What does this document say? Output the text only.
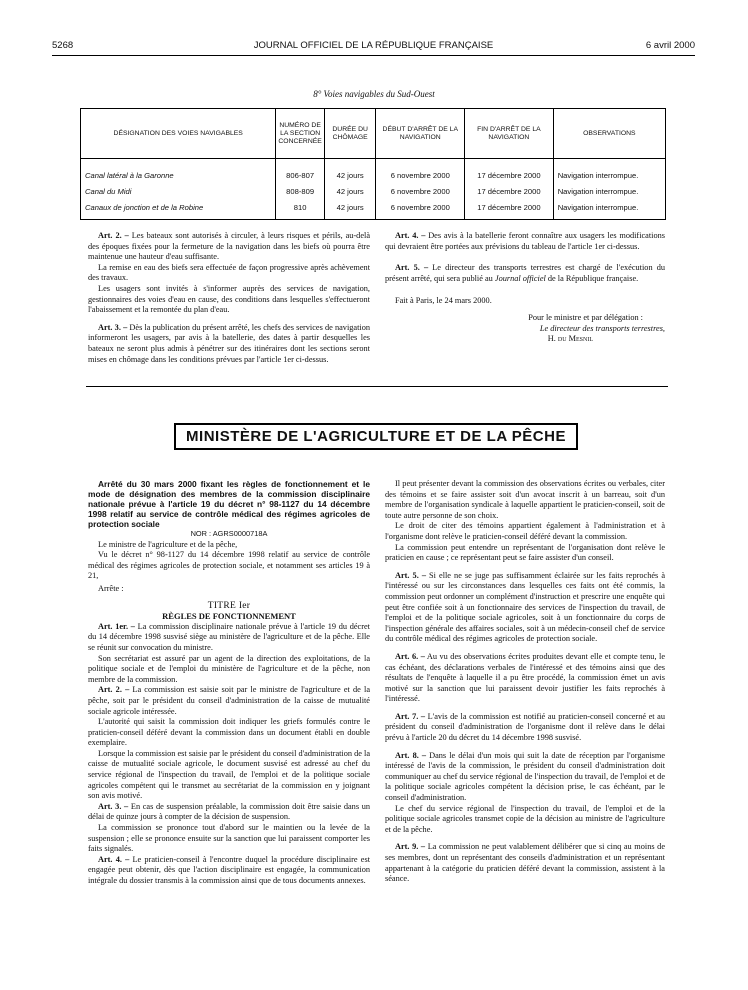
5268	JOURNAL OFFICIEL DE LA RÉPUBLIQUE FRANÇAISE	6 avril 2000
8° Voies navigables du Sud-Ouest
DÉSIGNATION DES VOIES NAVIGABLES	NUMÉRO DE LA SECTION CONCERNÉE	DURÉE DU CHÔMAGE	DÉBUT D'ARRÊT DE LA NAVIGATION	FIN D'ARRÊT DE LA NAVIGATION	OBSERVATIONS
Canal latéral à la Garonne	806-807	42 jours	6 novembre 2000	17 décembre 2000	Navigation interrompue.
Canal du Midi	808-809	42 jours	6 novembre 2000	17 décembre 2000	Navigation interrompue.
Canaux de jonction et de la Robine	810	42 jours	6 novembre 2000	17 décembre 2000	Navigation interrompue.

Art. 2. – Les bateaux sont autorisés à circuler, à leurs risques et périls, au-delà des époques fixées pour la fermeture de la navigation dans les biefs où pourra être maintenue une hauteur d'eau suffisante.

La remise en eau des biefs sera effectuée de façon progressive après achèvement des travaux.

Les usagers sont invités à s'informer auprès des services de navigation, gestionnaires des voies d'eau en cause, des conditions dans lesquelles s'effectueront l'abaissement et la remontée du plan d'eau.

Art. 3. – Dès la publication du présent arrêté, les chefs des services de navigation informeront les usagers, par avis à la batellerie, des dates à partir desquelles les bateaux ne seront plus admis à pénétrer sur des itinéraires dont les sections seront mises en chômage dans les conditions prévues par l'article 1er ci-dessus.

Art. 4. – Des avis à la batellerie feront connaître aux usagers les modifications qui devraient être portées aux prévisions du tableau de l'article 1er ci-dessus.

Art. 5. – Le directeur des transports terrestres est chargé de l'exécution du présent arrêté, qui sera publié au Journal officiel de la République française.

Fait à Paris, le 24 mars 2000.

Pour le ministre et par délégation :

Le directeur des transports terrestres,

H. du Mesnil

MINISTÈRE DE L'AGRICULTURE ET DE LA PÊCHE

Arrêté du 30 mars 2000 fixant les règles de fonctionnement et le mode de désignation des membres de la commission disciplinaire nationale prévue à l'article 19 du décret n° 98-1127 du 14 décembre 1998 relatif au service de contrôle médical des régimes agricoles de protection sociale

NOR : AGRS0000718A

Le ministre de l'agriculture et de la pêche,

Vu le décret n° 98-1127 du 14 décembre 1998 relatif au service de contrôle médical des régimes agricoles de protection sociale, et notamment ses articles 19 à 21,

Arrête :

TITRE Ier

RÈGLES DE FONCTIONNEMENT

Art. 1er. – La commission disciplinaire nationale prévue à l'article 19 du décret du 14 décembre 1998 susvisé siège au ministère de l'agriculture et de la pêche. Elle se réunit sur convocation du ministre.

Son secrétariat est assuré par un agent de la direction des exploitations, de la politique sociale et de l'emploi du ministère de l'agriculture et de la pêche, non membre de la commission.

Art. 2. – La commission est saisie soit par le ministre de l'agriculture et de la pêche, soit par le président du conseil d'administration de la caisse de mutualité sociale agricole intéressée.

L'autorité qui saisit la commission doit indiquer les griefs formulés contre le praticien-conseil déféré devant la commission dans un document établi en double exemplaire.

Lorsque la commission est saisie par le président du conseil d'administration de la caisse de mutualité sociale agricole, le document susvisé est adressé au chef du service régional de l'inspection du travail, de l'emploi et de la politique sociale agricoles compétent qui le transmet au secrétariat de la commission en y joignant son avis motivé.

Art. 3. – En cas de suspension préalable, la commission doit être saisie dans un délai de quinze jours à compter de la décision de suspension.

La commission se prononce tout d'abord sur le maintien ou la levée de la suspension ; elle se prononce ensuite sur la sanction que lui paraissent comporter les faits signalés.

Art. 4. – Le praticien-conseil à l'encontre duquel la procédure disciplinaire est engagée peut obtenir, dès que l'action disciplinaire est engagée, la communication intégrale du dossier transmis à la commission ainsi que de tous documents annexes.

Il peut présenter devant la commission des observations écrites ou verbales, citer des témoins et se faire assister soit d'un avocat inscrit à un barreau, soit d'un membre de l'organisation syndicale à laquelle appartient le praticien-conseil, soit de toute autre personne de son choix.

Le droit de citer des témoins appartient également à l'administration et à l'organisme dont relève le praticien-conseil déféré devant la commission.

La commission peut entendre un représentant de l'organisation dont relève le praticien en cause ; ce représentant peut se faire assister d'un conseil.

Art. 5. – Si elle ne se juge pas suffisamment éclairée sur les faits reprochés à l'intéressé ou sur les circonstances dans lesquelles ces faits ont été commis, la commission peut ordonner un complément d'instruction et prescrire une enquête qui peut être confiée soit à un fonctionnaire des services de l'inspection du travail, de l'emploi et de la politique sociale agricoles, soit à un fonctionnaire du corps de l'inspection générale des affaires sociales, soit à un médecin-conseil chef de service du contrôle médical des régimes agricoles de protection sociale.

Art. 6. – Au vu des observations écrites produites devant elle et compte tenu, le cas échéant, des déclarations verbales de l'intéressé et des témoins ainsi que des résultats de l'enquête à laquelle il a pu être procédé, la commission émet un avis motivé sur la sanction que lui paraissent devoir justifier les faits reprochés à l'intéressé.

Art. 7. – L'avis de la commission est notifié au praticien-conseil concerné et au président du conseil d'administration de l'organisme dont il relève dans le délai prévu à l'article 20 du décret du 14 décembre 1998 susvisé.

Art. 8. – Dans le délai d'un mois qui suit la date de réception par l'organisme intéressé de l'avis de la commission, le président du conseil d'administration doit communiquer au chef du service régional de l'inspection du travail, de l'emploi et de la politique sociale agricoles compétent la décision prise, le cas échéant, par le conseil d'administration.

Le chef du service régional de l'inspection du travail, de l'emploi et de la politique sociale agricoles transmet copie de la décision au ministre de l'agriculture et de la pêche.

Art. 9. – La commission ne peut valablement délibérer que si cinq au moins de ses membres, dont un représentant des conseils d'administration et un représentant appartenant à la catégorie du praticien déféré devant la commission, assistent à la séance.
